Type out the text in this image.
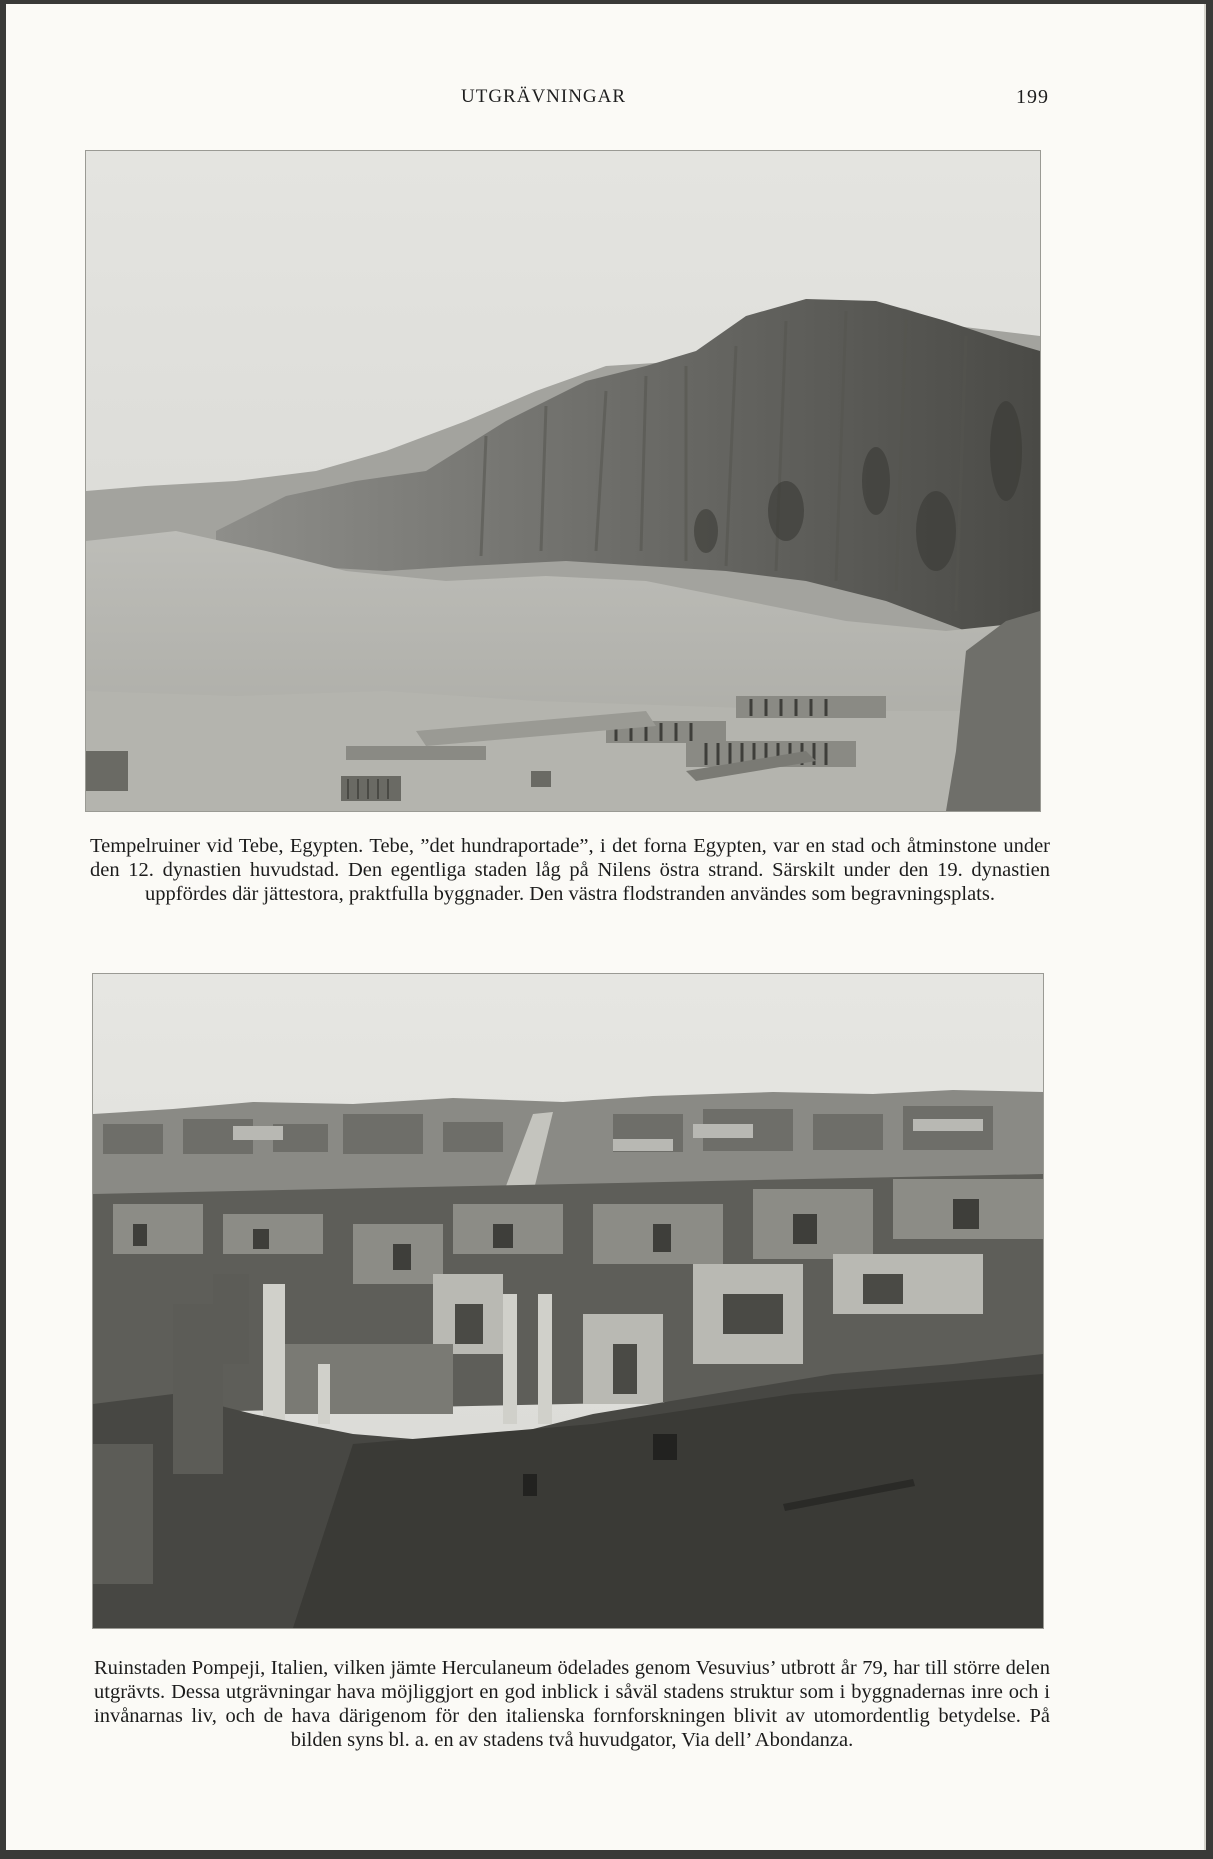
UTGRÄVNINGAR	199
Tempelruiner vid Tebe, Egypten. Tebe, ”det hundraportade”, i det forna Egypten, var en stad och åtminstone under den 12. dynastien huvudstad. Den egentliga staden låg på Nilens östra strand. Särskilt under den 19. dynastien uppfördes där jättestora, praktfulla byggnader. Den västra flodstranden användes som begravningsplats.
Ruinstaden Pompeji, Italien, vilken jämte Herculaneum ödelades genom Vesuvius’ utbrott år 79, har till större delen utgrävts. Dessa utgrävningar hava möjliggjort en god inblick i såväl stadens struktur som i byggnadernas inre och i invånarnas liv, och de hava därigenom för den italienska fornforskningen blivit av utomordentlig betydelse. På bilden syns bl. a. en av stadens två huvudgator, Via dell’ Abondanza.
